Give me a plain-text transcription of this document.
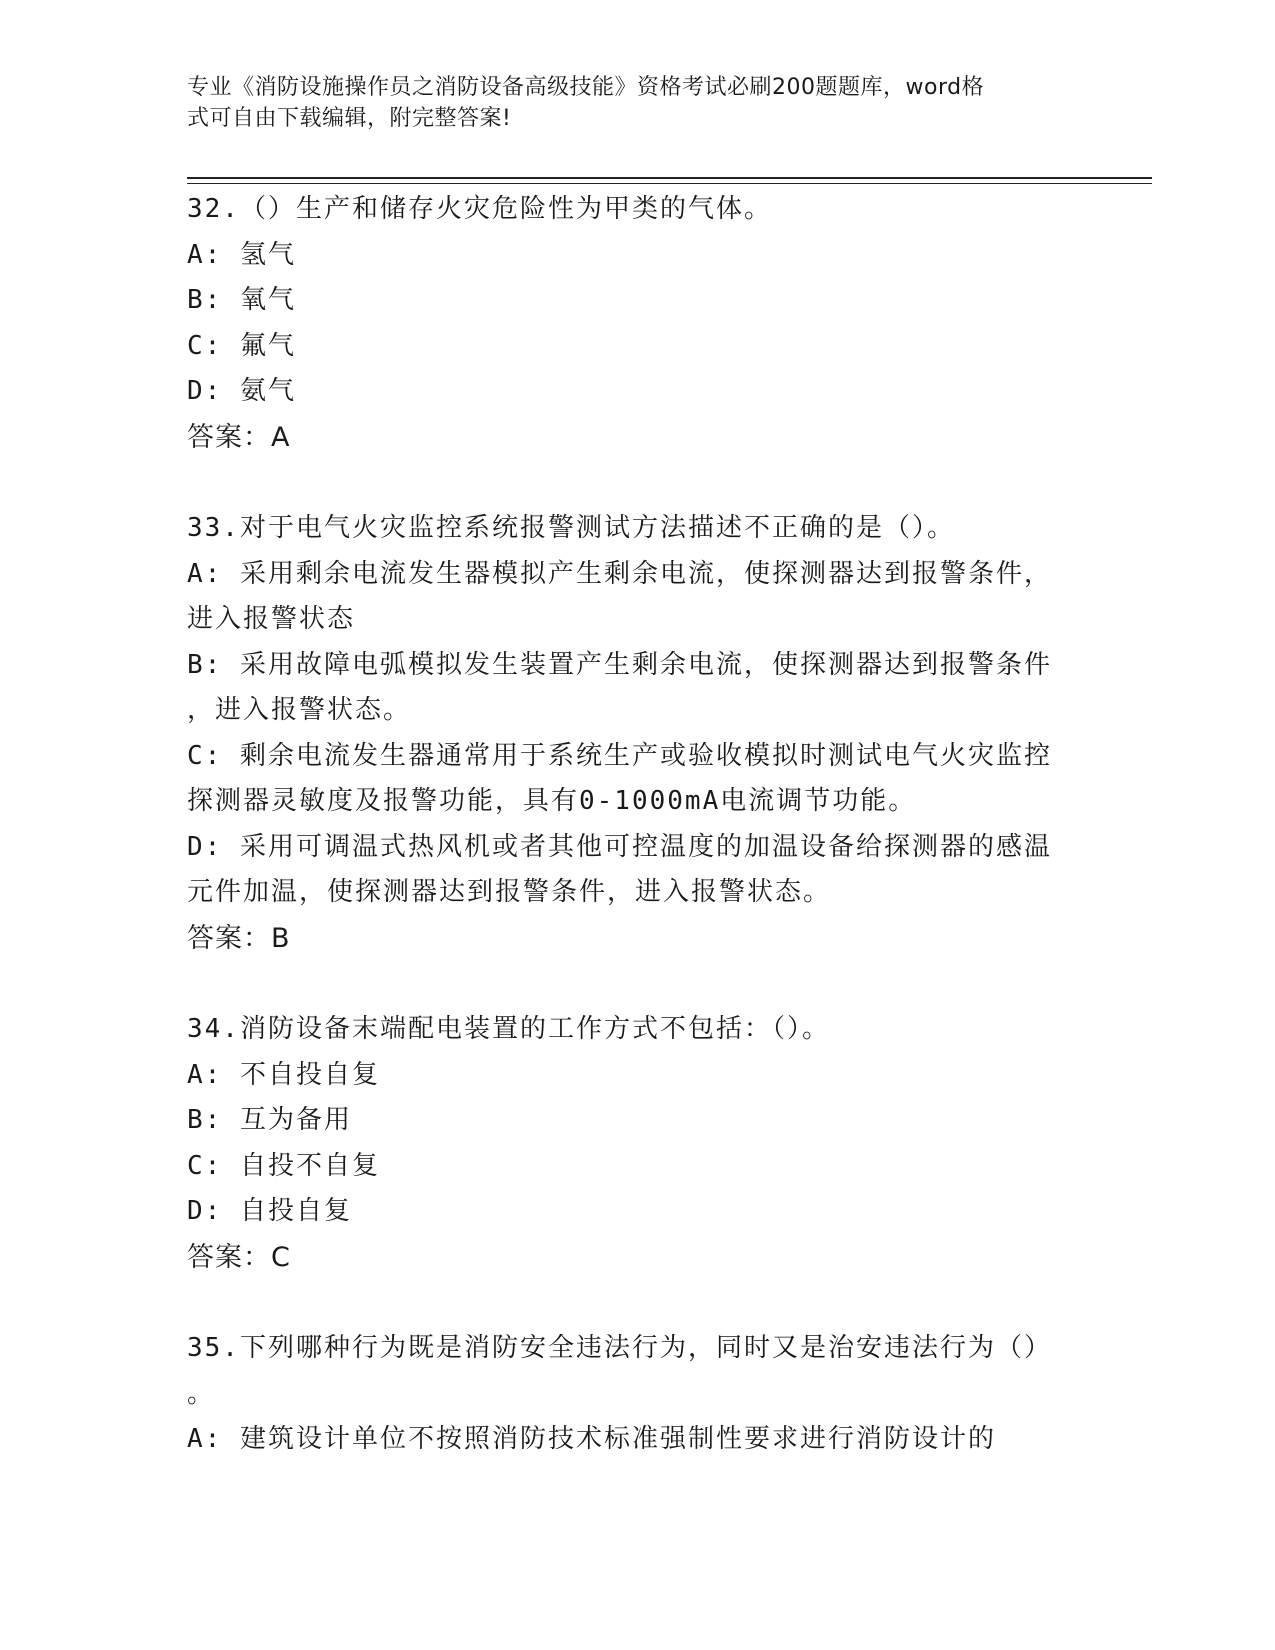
专业《消防设施操作员之消防设备高级技能》资格考试必刷200题题库，word格
式可自由下载编辑，附完整答案!

32.（）生产和储存火灾危险性为甲类的气体。
A: 氢气
B: 氧气
C: 氟气
D: 氨气
答案：A
33.对于电气火灾监控系统报警测试方法描述不正确的是（）。
A: 采用剩余电流发生器模拟产生剩余电流，使探测器达到报警条件，
进入报警状态
B: 采用故障电弧模拟发生装置产生剩余电流，使探测器达到报警条件
，进入报警状态。
C: 剩余电流发生器通常用于系统生产或验收模拟时测试电气火灾监控
探测器灵敏度及报警功能，具有0-1000mA电流调节功能。
D: 采用可调温式热风机或者其他可控温度的加温设备给探测器的感温
元件加温，使探测器达到报警条件，进入报警状态。
答案：B
34.消防设备末端配电装置的工作方式不包括：（）。
A: 不自投自复
B: 互为备用
C: 自投不自复
D: 自投自复
答案：C
35.下列哪种行为既是消防安全违法行为，同时又是治安违法行为（）
。
A: 建筑设计单位不按照消防技术标准强制性要求进行消防设计的
